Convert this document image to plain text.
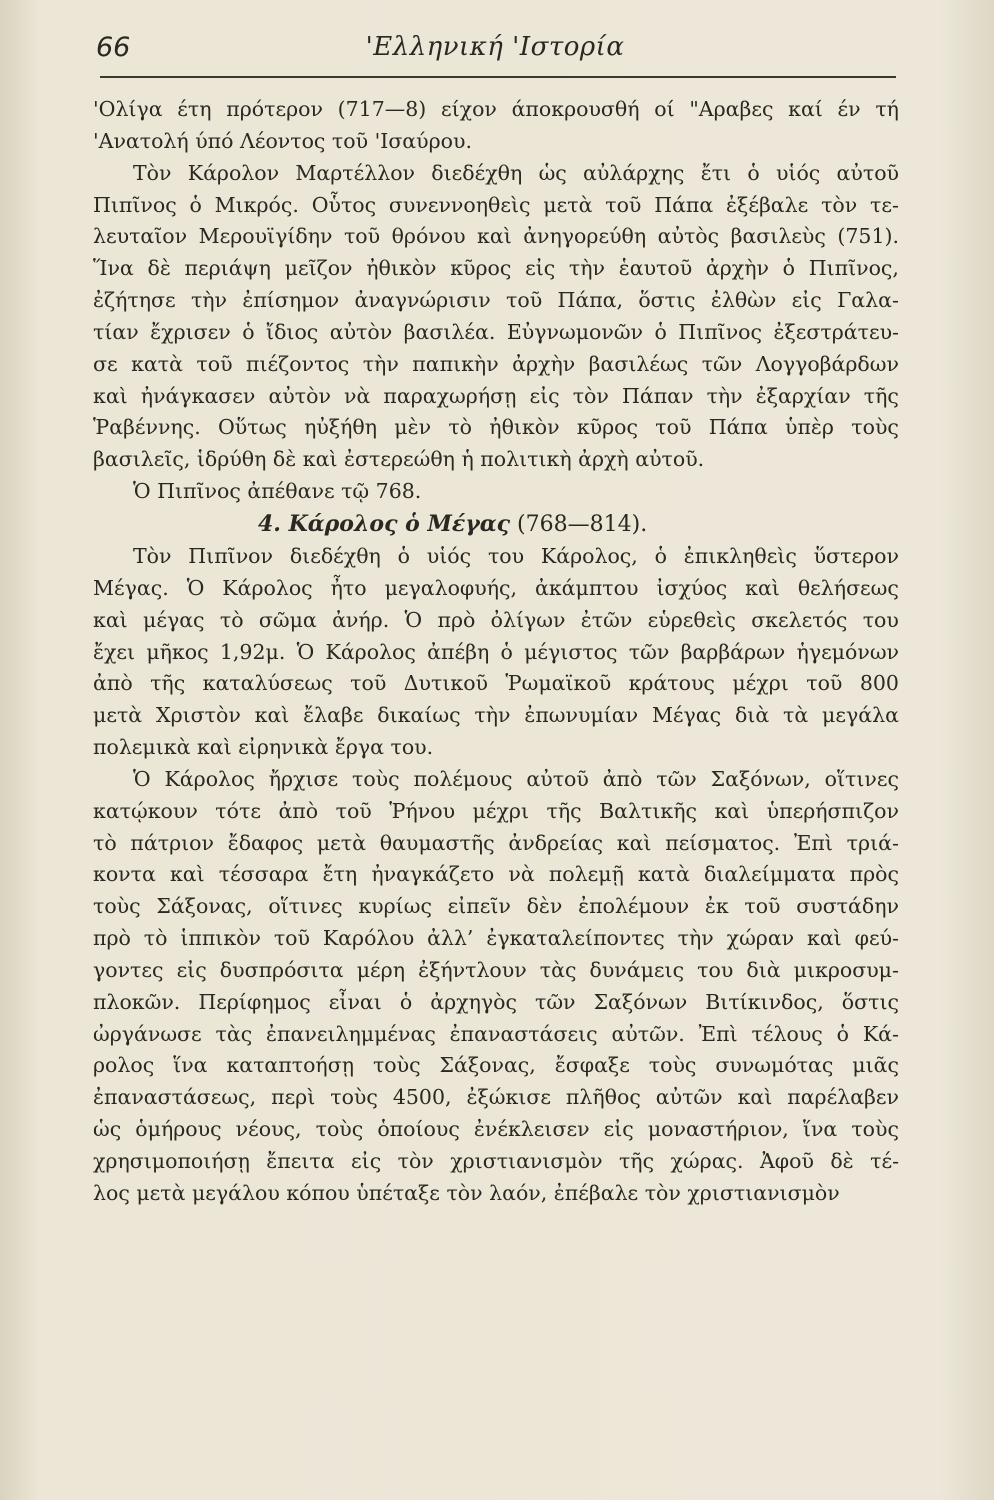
66	'Ελληνική 'Ιστορία
'Ολίγα έτη πρότερον (717—8) είχον άποκρουσθή οί "Αραβες καί έν τή
'Ανατολή ύπό Λέοντος τοῦ 'Ισαύρου.
Τὸν Κάρολον Μαρτέλλον διεδέχθη ὡς αὐλάρχης ἔτι ὁ υἱός αὐτοῦ
Πιπῖνος ὁ Μικρός. Οὗτος συνεννοηθεὶς μετὰ τοῦ Πάπα ἐξέβαλε τὸν τε-
λευταῖον Μερουϊγίδην τοῦ θρόνου καὶ ἀνηγορεύθη αὐτὸς βασιλεὺς (751).
Ἵνα δὲ περιάψη μεῖζον ἠθικὸν κῦρος εἰς τὴν ἑαυτοῦ ἀρχὴν ὁ Πιπῖνος,
ἐζήτησε τὴν ἐπίσημον ἀναγνώρισιν τοῦ Πάπα, ὅστις ἐλθὼν εἰς Γαλα-
τίαν ἔχρισεν ὁ ἴδιος αὐτὸν βασιλέα. Εὐγνωμονῶν ὁ Πιπῖνος ἐξεστράτευ-
σε κατὰ τοῦ πιέζοντος τὴν παπικὴν ἀρχὴν βασιλέως τῶν Λογγοβάρδων
καὶ ἠνάγκασεν αὐτὸν νὰ παραχωρήσῃ εἰς τὸν Πάπαν τὴν ἐξαρχίαν τῆς
Ῥαβέννης. Οὕτως ηὐξήθη μὲν τὸ ἠθικὸν κῦρος τοῦ Πάπα ὑπὲρ τοὺς
βασιλεῖς, ἱδρύθη δὲ καὶ ἐστερεώθη ἡ πολιτικὴ ἀρχὴ αὐτοῦ.
Ὁ Πιπῖνος ἀπέθανε τῷ 768.
4. Κάρολος ὁ Μέγας (768—814).
Τὸν Πιπῖνον διεδέχθη ὁ υἱός του Κάρολος, ὁ ἐπικληθεὶς ὕστερον
Μέγας. Ὁ Κάρολος ἦτο μεγαλοφυής, ἀκάμπτου ἰσχύος καὶ θελήσεως
καὶ μέγας τὸ σῶμα ἀνήρ. Ὁ πρὸ ὀλίγων ἐτῶν εὑρεθεὶς σκελετός του
ἔχει μῆκος 1,92μ. Ὁ Κάρολος ἀπέβη ὁ μέγιστος τῶν βαρβάρων ἡγεμόνων
ἀπὸ τῆς καταλύσεως τοῦ Δυτικοῦ Ῥωμαϊκοῦ κράτους μέχρι τοῦ 800
μετὰ Χριστὸν καὶ ἔλαβε δικαίως τὴν ἐπωνυμίαν Μέγας διὰ τὰ μεγάλα
πολεμικὰ καὶ εἰρηνικὰ ἔργα του.
Ὁ Κάρολος ἤρχισε τοὺς πολέμους αὐτοῦ ἀπὸ τῶν Σαξόνων, οἵτινες
κατῴκουν τότε ἀπὸ τοῦ Ῥήνου μέχρι τῆς Βαλτικῆς καὶ ὑπερήσπιζον
τὸ πάτριον ἔδαφος μετὰ θαυμαστῆς ἀνδρείας καὶ πείσματος. Ἐπὶ τριά-
κοντα καὶ τέσσαρα ἔτη ἠναγκάζετο νὰ πολεμῇ κατὰ διαλείμματα πρὸς
τοὺς Σάξονας, οἵτινες κυρίως εἰπεῖν δὲν ἐπολέμουν ἐκ τοῦ συστάδην
πρὸ τὸ ἱππικὸν τοῦ Καρόλου ἀλλ’ ἐγκαταλείποντες τὴν χώραν καὶ φεύ-
γοντες εἰς δυσπρόσιτα μέρη ἐξήντλουν τὰς δυνάμεις του διὰ μικροσυμ-
πλοκῶν. Περίφημος εἶναι ὁ ἀρχηγὸς τῶν Σαξόνων Βιτίκινδος, ὅστις
ὠργάνωσε τὰς ἐπανειλημμένας ἐπαναστάσεις αὐτῶν. Ἐπὶ τέλους ὁ Κά-
ρολος ἵνα καταπτοήσῃ τοὺς Σάξονας, ἔσφαξε τοὺς συνωμότας μιᾶς
ἐπαναστάσεως, περὶ τοὺς 4500, ἐξώκισε πλῆθος αὐτῶν καὶ παρέλαβεν
ὡς ὁμήρους νέους, τοὺς ὁποίους ἐνέκλεισεν εἰς μοναστήριον, ἵνα τοὺς
χρησιμοποιήσῃ ἔπειτα εἰς τὸν χριστιανισμὸν τῆς χώρας. Ἀφοῦ δὲ τέ-
λος μετὰ μεγάλου κόπου ὑπέταξε τὸν λαόν, ἐπέβαλε τὸν χριστιανισμὸν
